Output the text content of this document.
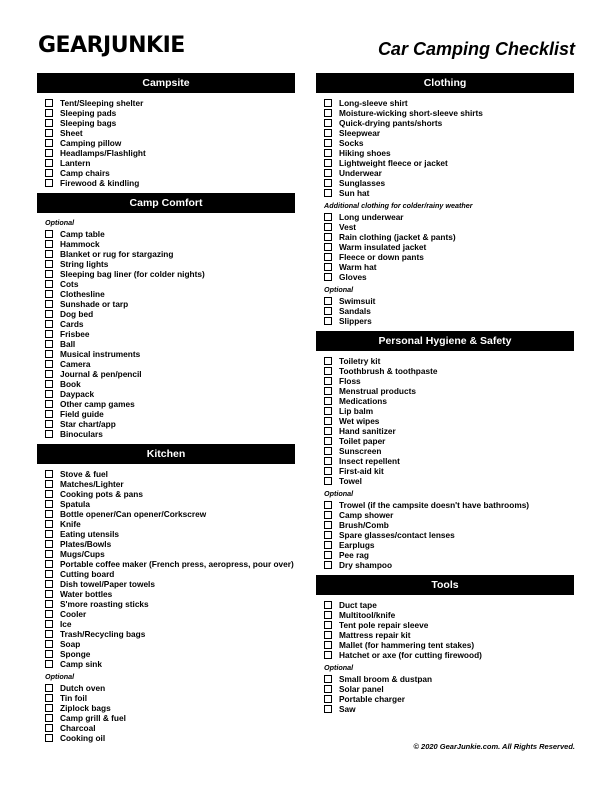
GEARJUNKIE	Car Camping Checklist
Campsite
Tent/Sleeping shelter
Sleeping pads
Sleeping bags
Sheet
Camping pillow
Headlamps/Flashlight
Lantern
Camp chairs
Firewood & kindling
Camp Comfort
Optional
Camp table
Hammock
Blanket or rug for stargazing
String lights
Sleeping bag liner (for colder nights)
Cots
Clothesline
Sunshade or tarp
Dog bed
Cards
Frisbee
Ball
Musical instruments
Camera
Journal & pen/pencil
Book
Daypack
Other camp games
Field guide
Star chart/app
Binoculars
Kitchen
Stove & fuel
Matches/Lighter
Cooking pots & pans
Spatula
Bottle opener/Can opener/Corkscrew
Knife
Eating utensils
Plates/Bowls
Mugs/Cups
Portable coffee maker (French press, aeropress, pour over)
Cutting board
Dish towel/Paper towels
Water bottles
S'more roasting sticks
Cooler
Ice
Trash/Recycling bags
Soap
Sponge
Camp sink
Optional
Dutch oven
Tin foil
Ziplock bags
Camp grill & fuel
Charcoal
Cooking oil
Clothing
Long-sleeve shirt
Moisture-wicking short-sleeve shirts
Quick-drying pants/shorts
Sleepwear
Socks
Hiking shoes
Lightweight fleece or jacket
Underwear
Sunglasses
Sun hat
Additional clothing for colder/rainy weather
Long underwear
Vest
Rain clothing (jacket & pants)
Warm insulated jacket
Fleece or down pants
Warm hat
Gloves
Optional
Swimsuit
Sandals
Slippers
Personal Hygiene & Safety
Toiletry kit
Toothbrush & toothpaste
Floss
Menstrual products
Medications
Lip balm
Wet wipes
Hand sanitizer
Toilet paper
Sunscreen
Insect repellent
First-aid kit
Towel
Optional
Trowel (if the campsite doesn't have bathrooms)
Camp shower
Brush/Comb
Spare glasses/contact lenses
Earplugs
Pee rag
Dry shampoo
Tools
Duct tape
Multitool/knife
Tent pole repair sleeve
Mattress repair kit
Mallet (for hammering tent stakes)
Hatchet or axe (for cutting firewood)
Optional
Small broom & dustpan
Solar panel
Portable charger
Saw
© 2020 GearJunkie.com. All Rights Reserved.
